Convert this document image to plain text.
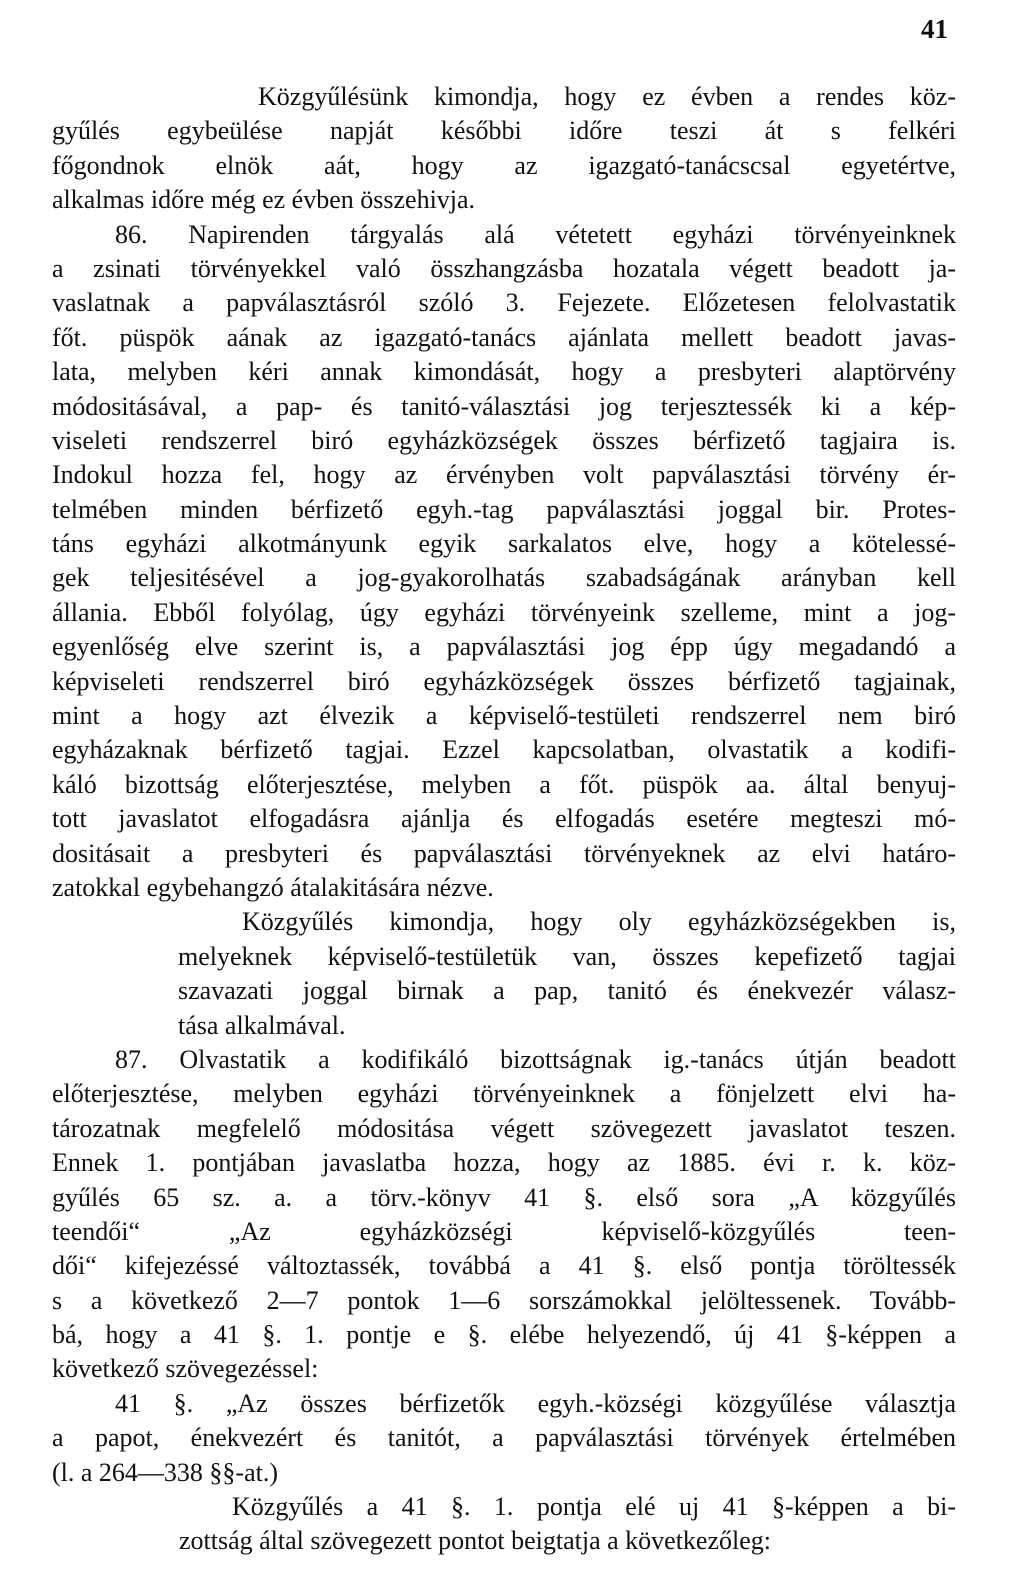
41
Közgyűlésünk kimondja, hogy ez évben a rendes köz-
gyűlés egybeülése napját későbbi időre teszi át s felkéri
főgondnok elnök aát, hogy az igazgató-tanácscsal egyetértve,
alkalmas időre még ez évben összehivja.
86. Napirenden tárgyalás alá vétetett egyházi törvényeinknek
a zsinati törvényekkel való összhangzásba hozatala végett beadott ja-
vaslatnak a papválasztásról szóló 3. Fejezete. Előzetesen felolvastatik
főt. püspök aának az igazgató-tanács ajánlata mellett beadott javas-
lata, melyben kéri annak kimondását, hogy a presbyteri alaptörvény
módositásával, a pap- és tanitó-választási jog terjesztessék ki a kép-
viseleti rendszerrel biró egyházközségek összes bérfizető tagjaira is.
Indokul hozza fel, hogy az érvényben volt papválasztási törvény ér-
telmében minden bérfizető egyh.-tag papválasztási joggal bir. Protes-
táns egyházi alkotmányunk egyik sarkalatos elve, hogy a kötelessé-
gek teljesitésével a jog-gyakorolhatás szabadságának arányban kell
állania. Ebből folyólag, úgy egyházi törvényeink szelleme, mint a jog-
egyenlőség elve szerint is, a papválasztási jog épp úgy megadandó a
képviseleti rendszerrel biró egyházközségek összes bérfizető tagjainak,
mint a hogy azt élvezik a képviselő-testületi rendszerrel nem biró
egyházaknak bérfizető tagjai. Ezzel kapcsolatban, olvastatik a kodifi-
káló bizottság előterjesztése, melyben a főt. püspök aa. által benyuj-
tott javaslatot elfogadásra ajánlja és elfogadás esetére megteszi mó-
dositásait a presbyteri és papválasztási törvényeknek az elvi határo-
zatokkal egybehangzó átalakitására nézve.
Közgyűlés kimondja, hogy oly egyházközségekben is,
melyeknek képviselő-testületük van, összes kepefizető tagjai
szavazati joggal birnak a pap, tanitó és énekvezér válasz-
tása alkalmával.
87. Olvastatik a kodifikáló bizottságnak ig.-tanács útján beadott
előterjesztése, melyben egyházi törvényeinknek a fönjelzett elvi ha-
tározatnak megfelelő módositása végett szövegezett javaslatot teszen.
Ennek 1. pontjában javaslatba hozza, hogy az 1885. évi r. k. köz-
gyűlés 65 sz. a. a törv.-könyv 41 §. első sora „A közgyűlés
teendői“ „Az egyházközségi képviselő-közgyűlés teen-
dői“ kifejezéssé változtassék, továbbá a 41 §. első pontja töröltessék
s a következő 2—7 pontok 1—6 sorszámokkal jelöltessenek. Tovább-
bá, hogy a 41 §. 1. pontje e §. elébe helyezendő, új 41 §-képpen a
következő szövegezéssel:
41 §. „Az összes bérfizetők egyh.-községi közgyűlése választja
a papot, énekvezért és tanitót, a papválasztási törvények értelmében
(l. a 264—338 §§-at.)
Közgyűlés a 41 §. 1. pontja elé uj 41 §-képpen a bi-
zottság által szövegezett pontot beigtatja a következőleg:
